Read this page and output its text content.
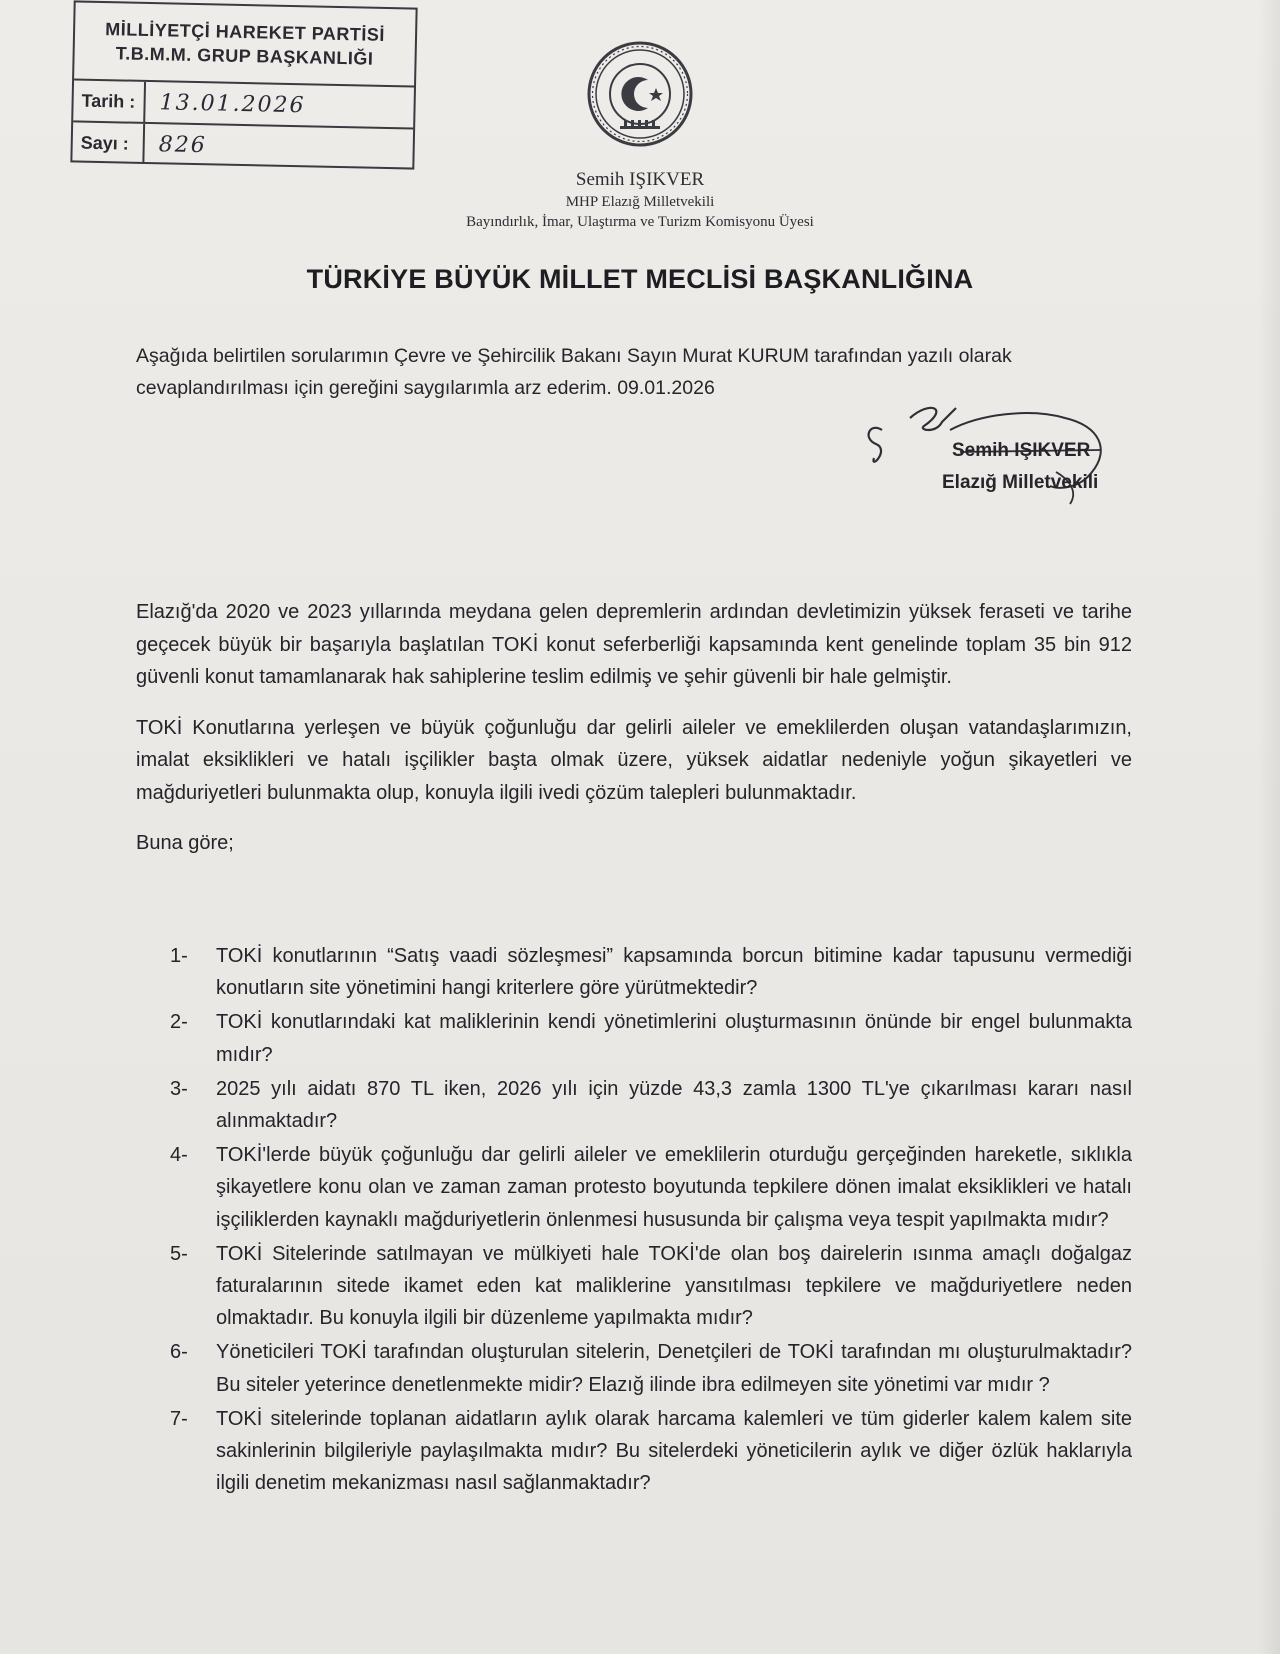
MİLLİYETÇİ HAREKET PARTİSİ
T.B.M.M. GRUP BAŞKANLIĞI
Tarih :	13.01.2026
Sayı :	826
Semih IŞIKVER
MHP Elazığ Milletvekili
Bayındırlık, İmar, Ulaştırma ve Turizm Komisyonu Üyesi
TÜRKİYE BÜYÜK MİLLET MECLİSİ BAŞKANLIĞINA

Aşağıda belirtilen sorularımın Çevre ve Şehircilik Bakanı Sayın Murat KURUM tarafından yazılı olarak cevaplandırılması için gereğini saygılarımla arz ederim. 09.01.2026

Semih IŞIKVER
Elazığ Milletvekili

Elazığ'da 2020 ve 2023 yıllarında meydana gelen depremlerin ardından devletimizin yüksek feraseti ve tarihe geçecek büyük bir başarıyla başlatılan TOKİ konut seferberliği kapsamında kent genelinde toplam 35 bin 912 güvenli konut tamamlanarak hak sahiplerine teslim edilmiş ve şehir güvenli bir hale gelmiştir.

TOKİ Konutlarına yerleşen ve büyük çoğunluğu dar gelirli aileler ve emeklilerden oluşan vatandaşlarımızın, imalat eksiklikleri ve hatalı işçilikler başta olmak üzere, yüksek aidatlar nedeniyle yoğun şikayetleri ve mağduriyetleri bulunmakta olup, konuyla ilgili ivedi çözüm talepleri bulunmaktadır.

Buna göre;

1-	TOKİ konutlarının “Satış vaadi sözleşmesi” kapsamında borcun bitimine kadar tapusunu vermediği konutların site yönetimini hangi kriterlere göre yürütmektedir?
2-	TOKİ konutlarındaki kat maliklerinin kendi yönetimlerini oluşturmasının önünde bir engel bulunmakta mıdır?
3-	2025 yılı aidatı 870 TL iken, 2026 yılı için yüzde 43,3 zamla 1300 TL'ye çıkarılması kararı nasıl alınmaktadır?
4-	TOKİ'lerde büyük çoğunluğu dar gelirli aileler ve emeklilerin oturduğu gerçeğinden hareketle, sıklıkla şikayetlere konu olan ve zaman zaman protesto boyutunda tepkilere dönen imalat eksiklikleri ve hatalı işçiliklerden kaynaklı mağduriyetlerin önlenmesi hususunda bir çalışma veya tespit yapılmakta mıdır?
5-	TOKİ Sitelerinde satılmayan ve mülkiyeti hale TOKİ'de olan boş dairelerin ısınma amaçlı doğalgaz faturalarının sitede ikamet eden kat maliklerine yansıtılması tepkilere ve mağduriyetlere neden olmaktadır. Bu konuyla ilgili bir düzenleme yapılmakta mıdır?
6-	Yöneticileri TOKİ tarafından oluşturulan sitelerin, Denetçileri de TOKİ tarafından mı oluşturulmaktadır? Bu siteler yeterince denetlenmekte midir? Elazığ ilinde ibra edilmeyen site yönetimi var mıdır ?
7-	TOKİ sitelerinde toplanan aidatların aylık olarak harcama kalemleri ve tüm giderler kalem kalem site sakinlerinin bilgileriyle paylaşılmakta mıdır? Bu sitelerdeki yöneticilerin aylık ve diğer özlük haklarıyla ilgili denetim mekanizması nasıl sağlanmaktadır?
